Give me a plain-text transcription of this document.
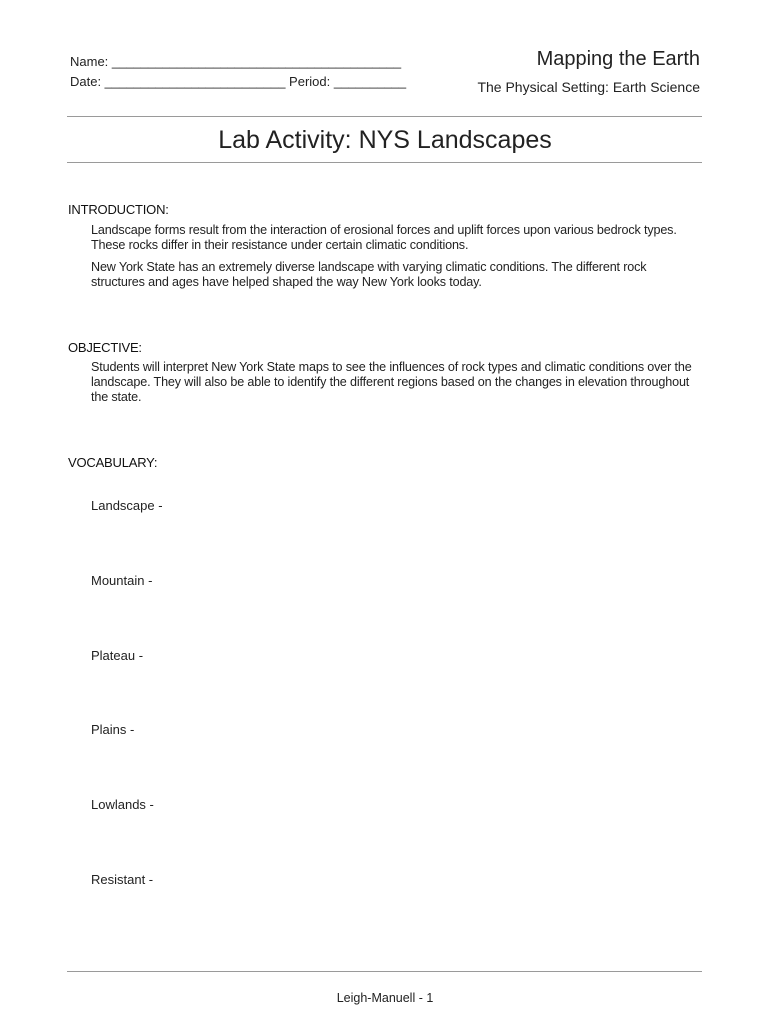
Name: ________________________________________
Date: _________________________ Period: __________
Mapping the Earth
The Physical Setting: Earth Science
Lab Activity: NYS Landscapes
INTRODUCTION:
Landscape forms result from the interaction of erosional forces and uplift forces upon various bedrock types. These rocks differ in their resistance under certain climatic conditions.
New York State has an extremely diverse landscape with varying climatic conditions. The different rock structures and ages have helped shaped the way New York looks today.
OBJECTIVE:
Students will interpret New York State maps to see the influences of rock types and climatic conditions over the landscape. They will also be able to identify the different regions based on the changes in elevation throughout the state.
VOCABULARY:
Landscape -
Mountain -
Plateau -
Plains -
Lowlands -
Resistant -
Leigh-Manuell - 1
